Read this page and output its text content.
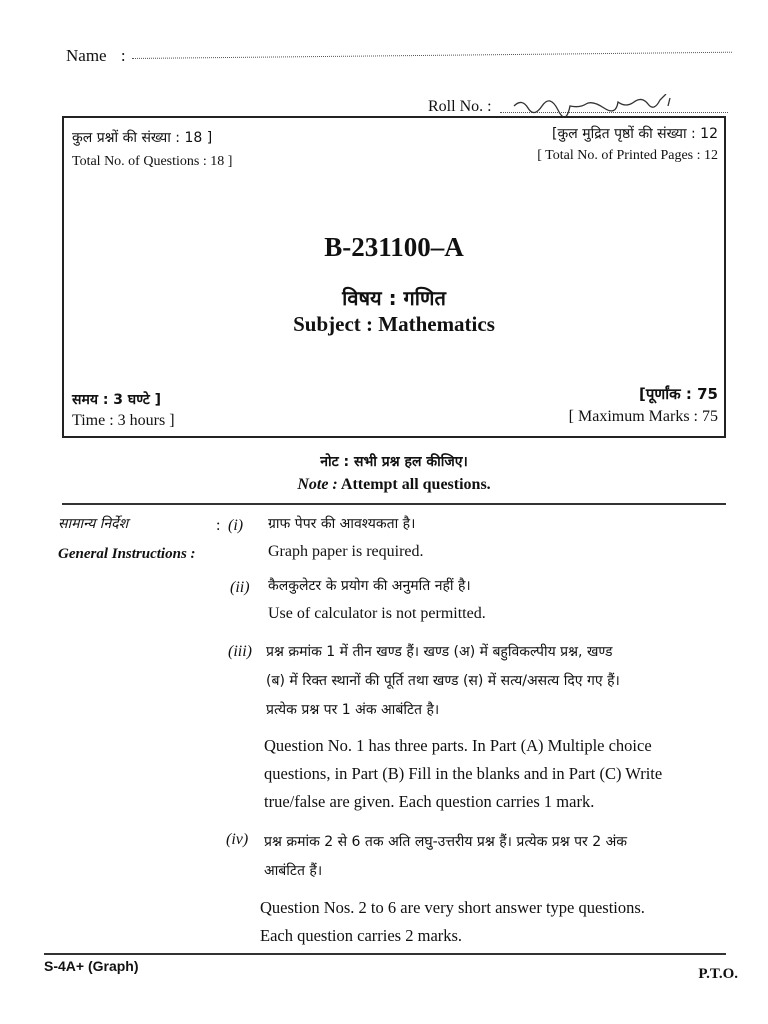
Name :
Roll No. :
कुल प्रश्नों की संख्या : 18 ]
Total No. of Questions : 18 ]
[कुल मुद्रित पृष्ठों की संख्या : 12
[ Total No. of Printed Pages : 12
B-231100–A
विषय : गणित
Subject : Mathematics
समय : 3 घण्टे ]
Time : 3 hours ]
[पूर्णांक : 75
[ Maximum Marks : 75
नोट : सभी प्रश्न हल कीजिए।
Note : Attempt all questions.
सामान्य निर्देश
General Instructions :
: (i) ग्राफ पेपर की आवश्यकता है।
Graph paper is required.
(ii) कैलकुलेटर के प्रयोग की अनुमति नहीं है।
Use of calculator is not permitted.
(iii) प्रश्न क्रमांक 1 में तीन खण्ड हैं। खण्ड (अ) में बहुविकल्पीय प्रश्न, खण्ड
(ब) में रिक्त स्थानों की पूर्ति तथा खण्ड (स) में सत्य/असत्य दिए गए हैं।
प्रत्येक प्रश्न पर 1 अंक आबंटित है।
Question No. 1 has three parts. In Part (A) Multiple choice
questions, in Part (B) Fill in the blanks and in Part (C) Write
true/false are given. Each question carries 1 mark.
(iv) प्रश्न क्रमांक 2 से 6 तक अति लघु-उत्तरीय प्रश्न हैं। प्रत्येक प्रश्न पर 2 अंक
आबंटित हैं।
Question Nos. 2 to 6 are very short answer type questions.
Each question carries 2 marks.
S-4A+ (Graph)	P.T.O.
